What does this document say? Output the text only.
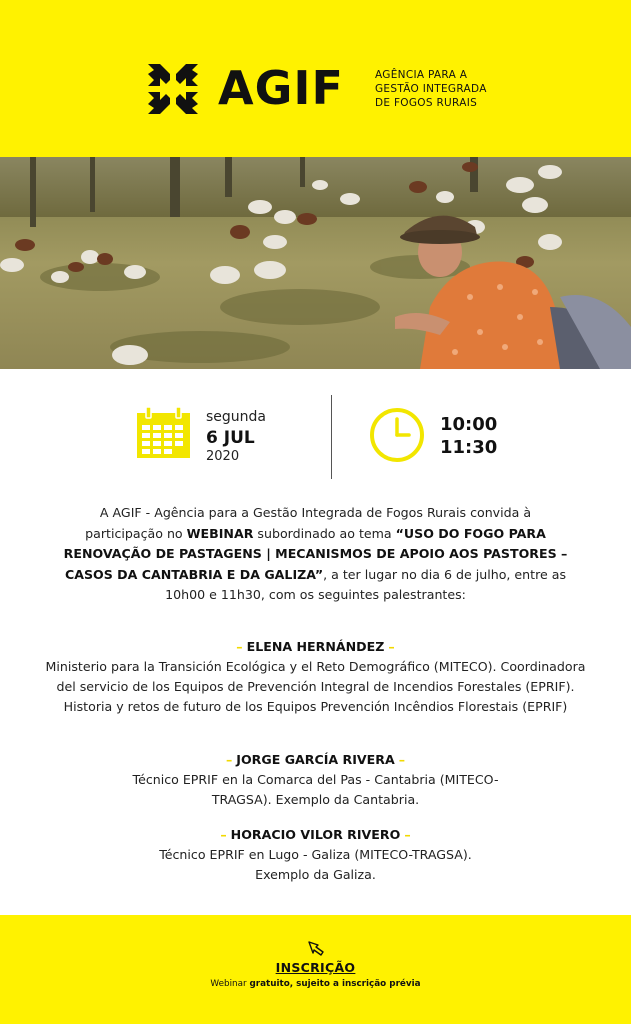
AGIF	AGÊNCIA PARA A
GESTÃO INTEGRADA
DE FOGOS RURAIS
segunda
6 JUL
2020
10:00
11:30
A AGIF - Agência para a Gestão Integrada de Fogos Rurais convida à participação no WEBINAR subordinado ao tema “USO DO FOGO PARA RENOVAÇÃO DE PASTAGENS | MECANISMOS DE APOIO AOS PASTORES – CASOS DA CANTABRIA E DA GALIZA”, a ter lugar no dia 6 de julho, entre as 10h00 e 11h30, com os seguintes palestrantes:
– ELENA HERNÁNDEZ –
Ministerio para la Transición Ecológica y el Reto Demográfico (MITECO). Coordinadora del servicio de los Equipos de Prevención Integral de Incendios Forestales (EPRIF). Historia y retos de futuro de los Equipos Prevención Incêndios Florestais (EPRIF)
– JORGE GARCÍA RIVERA –
Técnico EPRIF en la Comarca del Pas - Cantabria (MITECO-TRAGSA). Exemplo da Cantabria.
– HORACIO VILOR RIVERO –
Técnico EPRIF en Lugo - Galiza (MITECO-TRAGSA). Exemplo da Galiza.
INSCRIÇÃO
Webinar gratuito, sujeito a inscrição prévia
